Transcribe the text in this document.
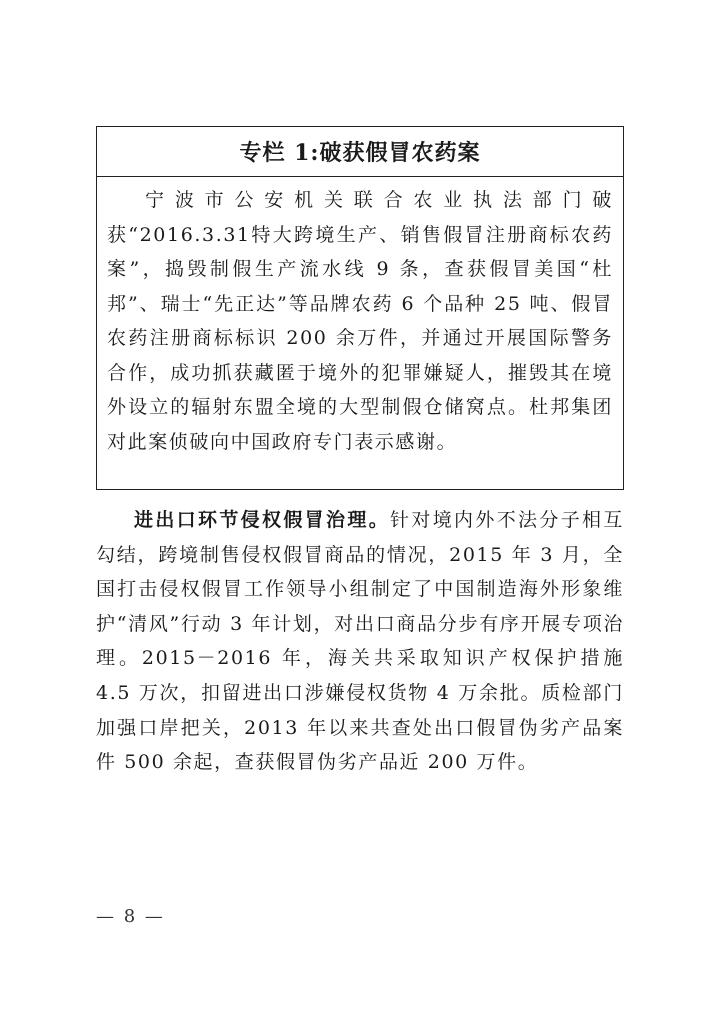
专栏 1:破获假冒农药案
宁波市公安机关联合农业执法部门破获“2016.3.31特大跨境生产、销售假冒注册商标农药案”，捣毁制假生产流水线 9 条，查获假冒美国“杜邦”、瑞士“先正达”等品牌农药 6 个品种 25 吨、假冒农药注册商标标识 200 余万件，并通过开展国际警务合作，成功抓获藏匿于境外的犯罪嫌疑人，摧毁其在境外设立的辐射东盟全境的大型制假仓储窝点。杜邦集团对此案侦破向中国政府专门表示感谢。

进出口环节侵权假冒治理。针对境内外不法分子相互勾结，跨境制售侵权假冒商品的情况，2015 年 3 月，全国打击侵权假冒工作领导小组制定了中国制造海外形象维护“清风”行动 3 年计划，对出口商品分步有序开展专项治理。2015－2016 年，海关共采取知识产权保护措施 4.5 万次，扣留进出口涉嫌侵权货物 4 万余批。质检部门加强口岸把关，2013 年以来共查处出口假冒伪劣产品案件 500 余起，查获假冒伪劣产品近 200 万件。

— 8 —
